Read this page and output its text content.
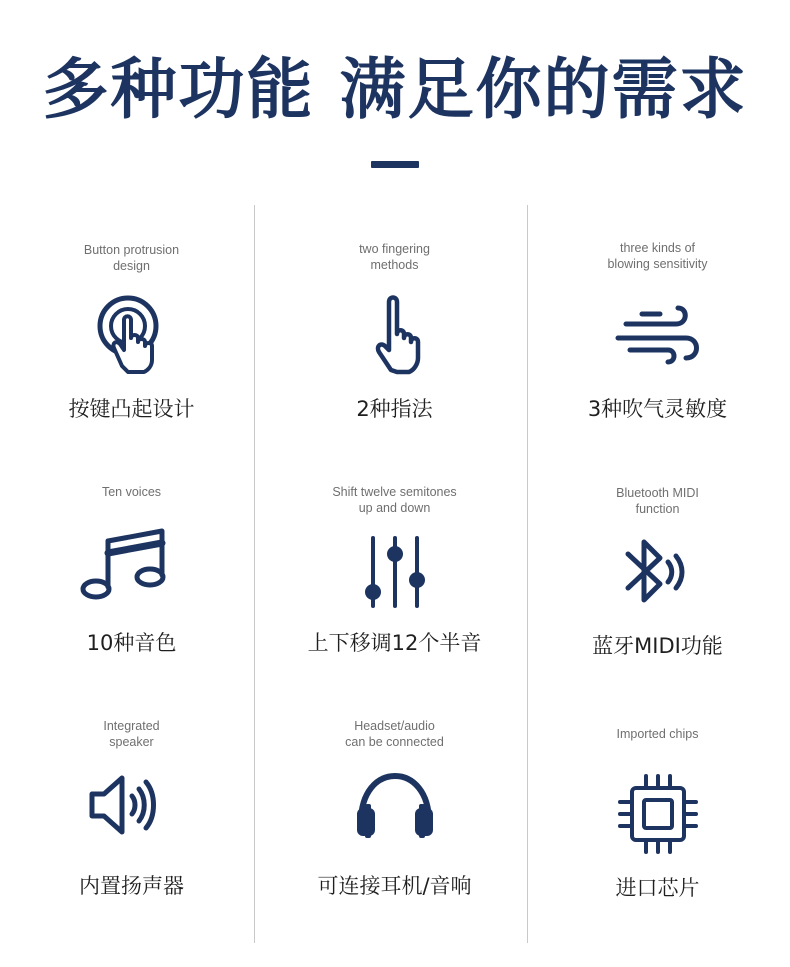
多种功能 满足你的需求
Button protrusion
design
按键凸起设计
two fingering
methods
2种指法
three kinds of
blowing sensitivity
3种吹气灵敏度
Ten voices
10种音色
Shift twelve semitones
up and down
上下移调12个半音
Bluetooth MIDI
function
蓝牙MIDI功能
Integrated
speaker
内置扬声器
Headset/audio
can be connected
可连接耳机/音响
Imported chips
进口芯片
